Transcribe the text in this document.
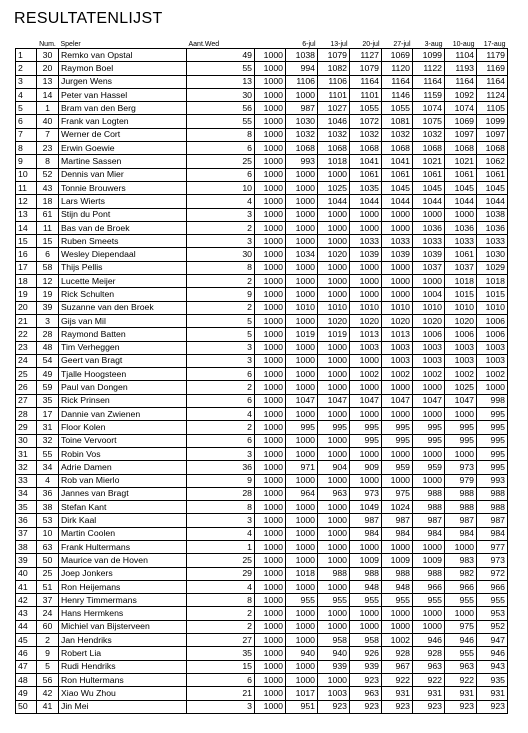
RESULTATENLIJST
	Num.	Speler	Aant.Wed		6-jul	13-jul	20-jul	27-jul	3-aug	10-aug	17-aug
1	30	Remko van Opstal	49	1000	1038	1079	1127	1069	1099	1104	1179
2	20	Raymon Boel	55	1000	994	1082	1079	1120	1122	1193	1169
3	13	Jurgen Wens	13	1000	1106	1106	1164	1164	1164	1164	1164
4	14	Peter van Hassel	30	1000	1000	1101	1101	1146	1159	1092	1124
5	1	Bram van den Berg	56	1000	987	1027	1055	1055	1074	1074	1105
6	40	Frank van Logten	55	1000	1030	1046	1072	1081	1075	1069	1099
7	7	Werner de Cort	8	1000	1032	1032	1032	1032	1032	1097	1097
8	23	Erwin Goewie	6	1000	1068	1068	1068	1068	1068	1068	1068
9	8	Martine Sassen	25	1000	993	1018	1041	1041	1021	1021	1062
10	52	Dennis van Mier	6	1000	1000	1000	1061	1061	1061	1061	1061
11	43	Tonnie Brouwers	10	1000	1000	1025	1035	1045	1045	1045	1045
12	18	Lars Wierts	4	1000	1000	1044	1044	1044	1044	1044	1044
13	61	Stijn du Pont	3	1000	1000	1000	1000	1000	1000	1000	1038
14	11	Bas van de Broek	2	1000	1000	1000	1000	1000	1036	1036	1036
15	15	Ruben Smeets	3	1000	1000	1000	1033	1033	1033	1033	1033
16	6	Wesley Diependaal	30	1000	1034	1020	1039	1039	1039	1061	1030
17	58	Thijs Pellis	8	1000	1000	1000	1000	1000	1037	1037	1029
18	12	Lucette Meijer	2	1000	1000	1000	1000	1000	1000	1018	1018
19	19	Rick Schulten	9	1000	1000	1000	1000	1000	1004	1015	1015
20	39	Suzanne van den Broek	2	1000	1010	1010	1010	1010	1010	1010	1010
21	3	Gijs van Mil	5	1000	1000	1020	1020	1020	1020	1020	1006
22	28	Raymond Batten	5	1000	1019	1019	1013	1013	1006	1006	1006
23	48	Tim Verheggen	3	1000	1000	1000	1003	1003	1003	1003	1003
24	54	Geert van Bragt	3	1000	1000	1000	1000	1003	1003	1003	1003
25	49	Tjalle Hoogsteen	6	1000	1000	1000	1002	1002	1002	1002	1002
26	59	Paul van Dongen	2	1000	1000	1000	1000	1000	1000	1025	1000
27	35	Rick Prinsen	6	1000	1047	1047	1047	1047	1047	1047	998
28	17	Dannie van Zwienen	4	1000	1000	1000	1000	1000	1000	1000	995
29	31	Floor Kolen	2	1000	995	995	995	995	995	995	995
30	32	Toine Vervoort	6	1000	1000	1000	995	995	995	995	995
31	55	Robin Vos	3	1000	1000	1000	1000	1000	1000	1000	995
32	34	Adrie Damen	36	1000	971	904	909	959	959	973	995
33	4	Rob van Mierlo	9	1000	1000	1000	1000	1000	1000	979	993
34	36	Jannes van Bragt	28	1000	964	963	973	975	988	988	988
35	38	Stefan Kant	8	1000	1000	1000	1049	1024	988	988	988
36	53	Dirk Kaal	3	1000	1000	1000	987	987	987	987	987
37	10	Martin Coolen	4	1000	1000	1000	984	984	984	984	984
38	63	Frank Hultermans	1	1000	1000	1000	1000	1000	1000	1000	977
39	50	Maurice van de Hoven	25	1000	1000	1000	1009	1009	1009	983	973
40	25	Joep Jonkers	29	1000	1018	988	988	988	988	982	972
41	51	Ron Heijemans	4	1000	1000	1000	948	948	966	966	966
42	37	Henry Timmermans	8	1000	955	955	955	955	955	955	955
43	24	Hans Hermkens	2	1000	1000	1000	1000	1000	1000	1000	953
44	60	Michiel van Bijsterveen	2	1000	1000	1000	1000	1000	1000	975	952
45	2	Jan Hendriks	27	1000	1000	958	958	1002	946	946	947
46	9	Robert Lia	35	1000	940	940	926	928	928	955	946
47	5	Rudi Hendriks	15	1000	1000	939	939	967	963	963	943
48	56	Ron Hultermans	6	1000	1000	1000	923	922	922	922	935
49	42	Xiao Wu Zhou	21	1000	1017	1003	963	931	931	931	931
50	41	Jin Mei	3	1000	951	923	923	923	923	923	923
